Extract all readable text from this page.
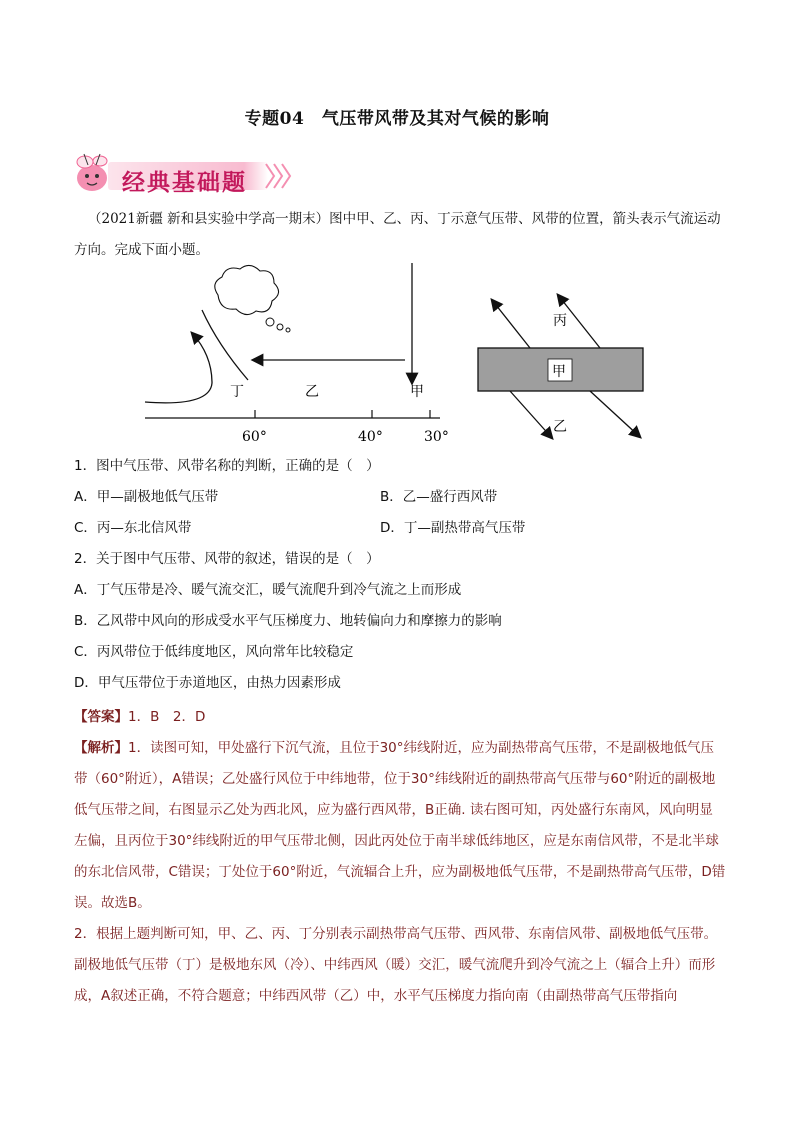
专题04　气压带风带及其对气候的影响
经典基础题
（2021新疆 新和县实验中学高一期末）图中甲、乙、丙、丁示意气压带、风带的位置，箭头表示气流运动方向。完成下面小题。
丁	乙	甲
60°	40°	30°
丙
甲
乙
1．图中气压带、风带名称的判断，正确的是（　）
A．甲—副极地低气压带	B．乙—盛行西风带
C．丙—东北信风带	D．丁—副热带高气压带
2．关于图中气压带、风带的叙述，错误的是（　）
A．丁气压带是冷、暖气流交汇，暖气流爬升到冷气流之上而形成
B．乙风带中风向的形成受水平气压梯度力、地转偏向力和摩擦力的影响
C．丙风带位于低纬度地区，风向常年比较稳定
D．甲气压带位于赤道地区，由热力因素形成

【答案】1．B　2．D

【解析】1．读图可知，甲处盛行下沉气流，且位于30°纬线附近，应为副热带高气压带，不是副极地低气压带（60°附近），A错误；乙处盛行风位于中纬地带，位于30°纬线附近的副热带高气压带与60°附近的副极地低气压带之间，右图显示乙处为西北风，应为盛行西风带，B正确. 读右图可知，丙处盛行东南风，风向明显左偏，且丙位于30°纬线附近的甲气压带北侧，因此丙处位于南半球低纬地区，应是东南信风带，不是北半球的东北信风带，C错误；丁处位于60°附近，气流辐合上升，应为副极地低气压带，不是副热带高气压带，D错误。故选B。

2．根据上题判断可知，甲、乙、丙、丁分别表示副热带高气压带、西风带、东南信风带、副极地低气压带。副极地低气压带（丁）是极地东风（冷）、中纬西风（暖）交汇，暖气流爬升到冷气流之上（辐合上升）而形成，A叙述正确，不符合题意；中纬西风带（乙）中，水平气压梯度力指向南（由副热带高气压带指向
